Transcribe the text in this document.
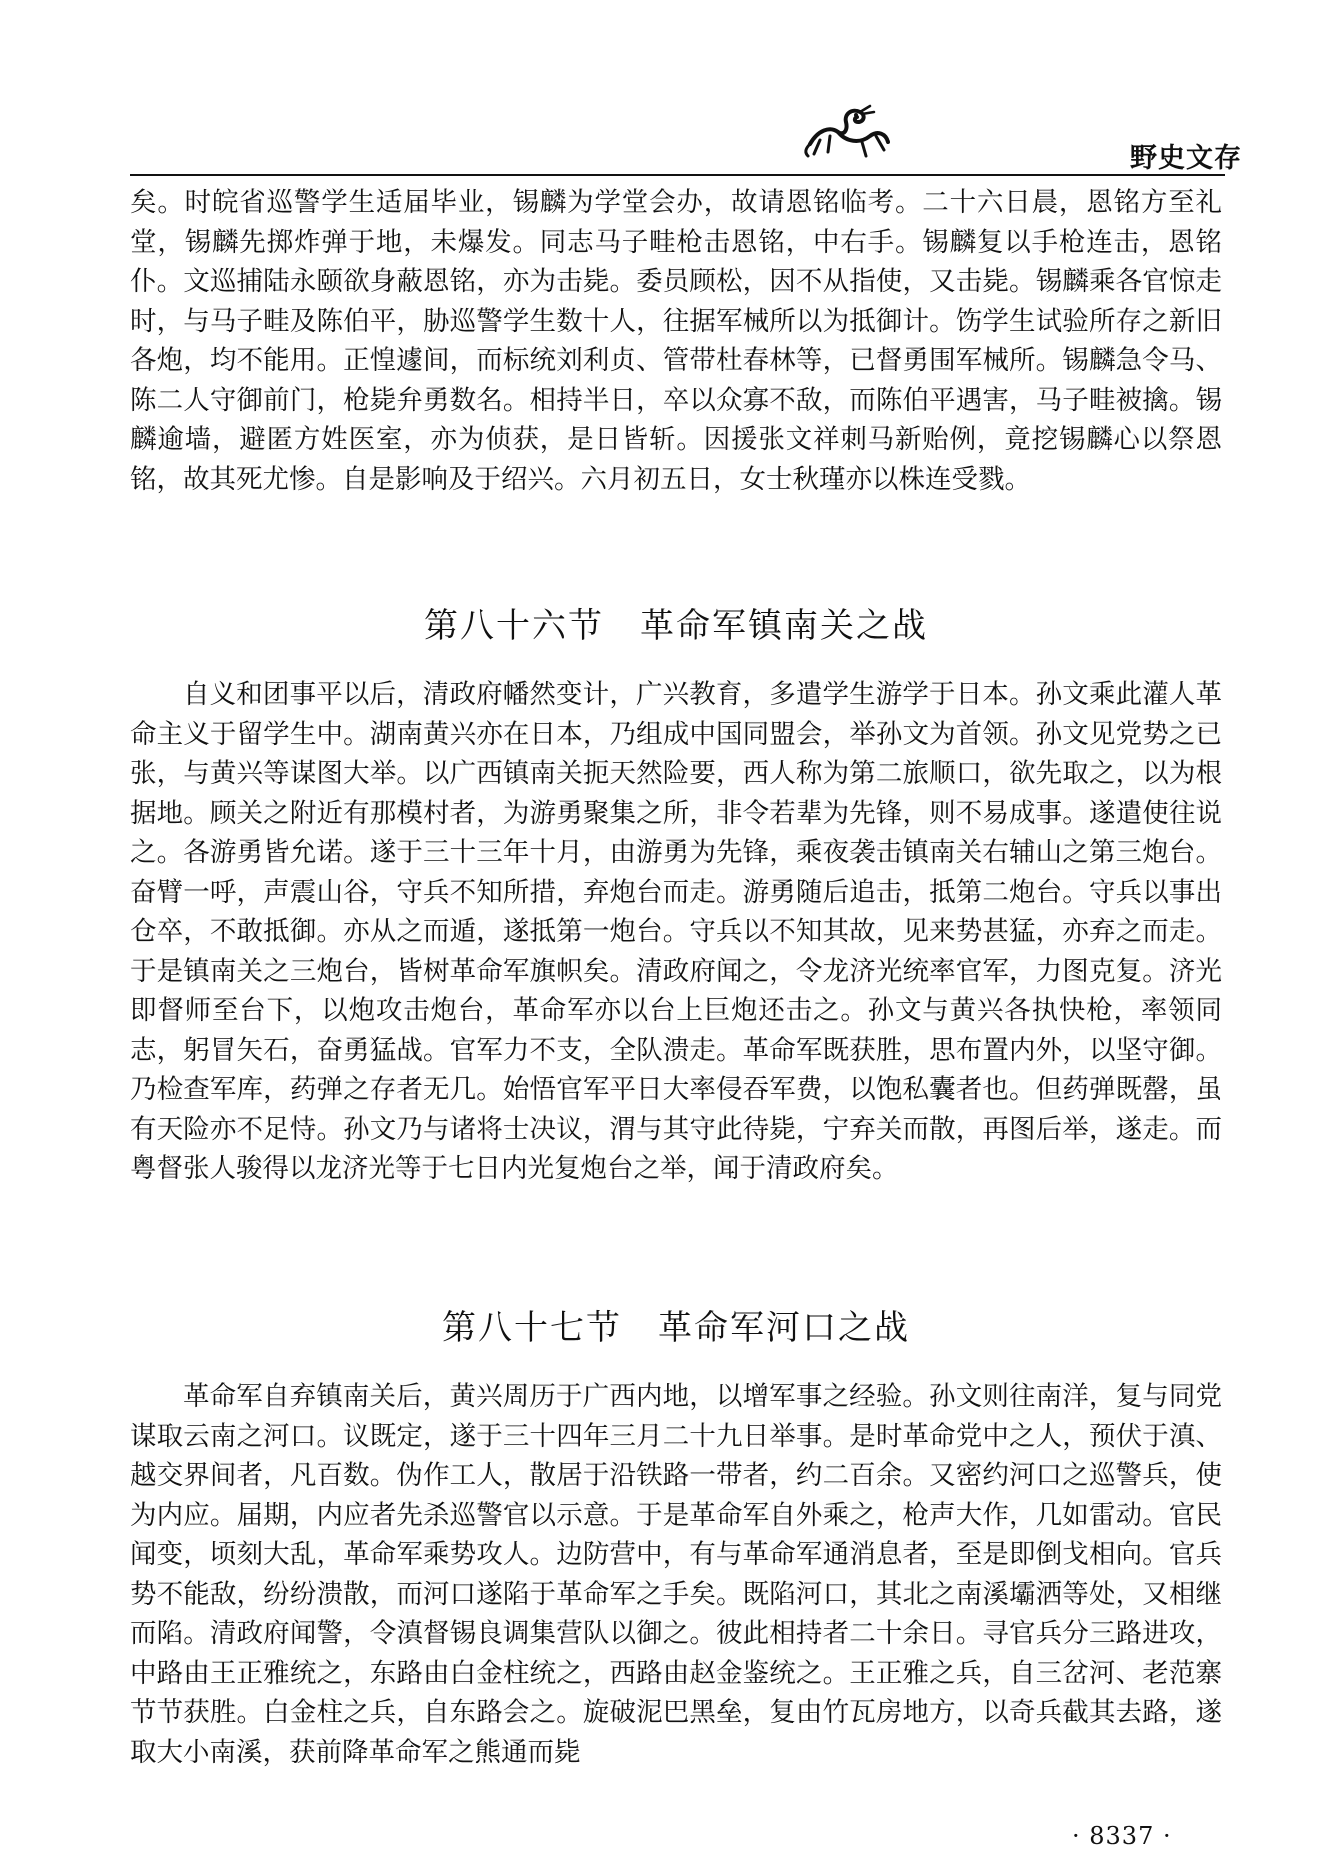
野史文存

矣。时皖省巡警学生适届毕业，锡麟为学堂会办，故请恩铭临考。二十六日晨，恩铭方至礼堂，锡麟先掷炸弹于地，未爆发。同志马子畦枪击恩铭，中右手。锡麟复以手枪连击，恩铭仆。文巡捕陆永颐欲身蔽恩铭，亦为击毙。委员顾松，因不从指使，又击毙。锡麟乘各官惊走时，与马子畦及陈伯平，胁巡警学生数十人，往据军械所以为抵御计。饬学生试验所存之新旧各炮，均不能用。正惶遽间，而标统刘利贞、管带杜春林等，已督勇围军械所。锡麟急令马、陈二人守御前门，枪毙弁勇数名。相持半日，卒以众寡不敌，而陈伯平遇害，马子畦被擒。锡麟逾墙，避匿方姓医室，亦为侦获，是日皆斩。因援张文祥刺马新贻例，竟挖锡麟心以祭恩铭，故其死尤惨。自是影响及于绍兴。六月初五日，女士秋瑾亦以株连受戮。

第八十六节　革命军镇南关之战

自义和团事平以后，清政府幡然变计，广兴教育，多遣学生游学于日本。孙文乘此灌人革命主义于留学生中。湖南黄兴亦在日本，乃组成中国同盟会，举孙文为首领。孙文见党势之已张，与黄兴等谋图大举。以广西镇南关扼天然险要，西人称为第二旅顺口，欲先取之，以为根据地。顾关之附近有那模村者，为游勇聚集之所，非令若辈为先锋，则不易成事。遂遣使往说之。各游勇皆允诺。遂于三十三年十月，由游勇为先锋，乘夜袭击镇南关右辅山之第三炮台。奋臂一呼，声震山谷，守兵不知所措，弃炮台而走。游勇随后追击，抵第二炮台。守兵以事出仓卒，不敢抵御。亦从之而遁，遂抵第一炮台。守兵以不知其故，见来势甚猛，亦弃之而走。于是镇南关之三炮台，皆树革命军旗帜矣。清政府闻之，令龙济光统率官军，力图克复。济光即督师至台下，以炮攻击炮台，革命军亦以台上巨炮还击之。孙文与黄兴各执快枪，率领同志，躬冒矢石，奋勇猛战。官军力不支，全队溃走。革命军既获胜，思布置内外，以坚守御。乃检查军库，药弹之存者无几。始悟官军平日大率侵吞军费，以饱私囊者也。但药弹既罄，虽有天险亦不足恃。孙文乃与诸将士决议，渭与其守此待毙，宁弃关而散，再图后举，遂走。而粤督张人骏得以龙济光等于七日内光复炮台之举，闻于清政府矣。

第八十七节　革命军河口之战

革命军自弃镇南关后，黄兴周历于广西内地，以增军事之经验。孙文则往南洋，复与同党谋取云南之河口。议既定，遂于三十四年三月二十九日举事。是时革命党中之人，预伏于滇、越交界间者，凡百数。伪作工人，散居于沿铁路一带者，约二百余。又密约河口之巡警兵，使为内应。届期，内应者先杀巡警官以示意。于是革命军自外乘之，枪声大作，几如雷动。官民闻变，顷刻大乱，革命军乘势攻人。边防营中，有与革命军通消息者，至是即倒戈相向。官兵势不能敌，纷纷溃散，而河口遂陷于革命军之手矣。既陷河口，其北之南溪壩洒等处，又相继而陷。清政府闻警，令滇督锡良调集营队以御之。彼此相持者二十余日。寻官兵分三路进攻，中路由王正雅统之，东路由白金柱统之，西路由赵金鉴统之。王正雅之兵，自三岔河、老范寨节节获胜。白金柱之兵，自东路会之。旋破泥巴黑垒，复由竹瓦房地方，以奇兵截其去路，遂取大小南溪，获前降革命军之熊通而毙

· 8337 ·
